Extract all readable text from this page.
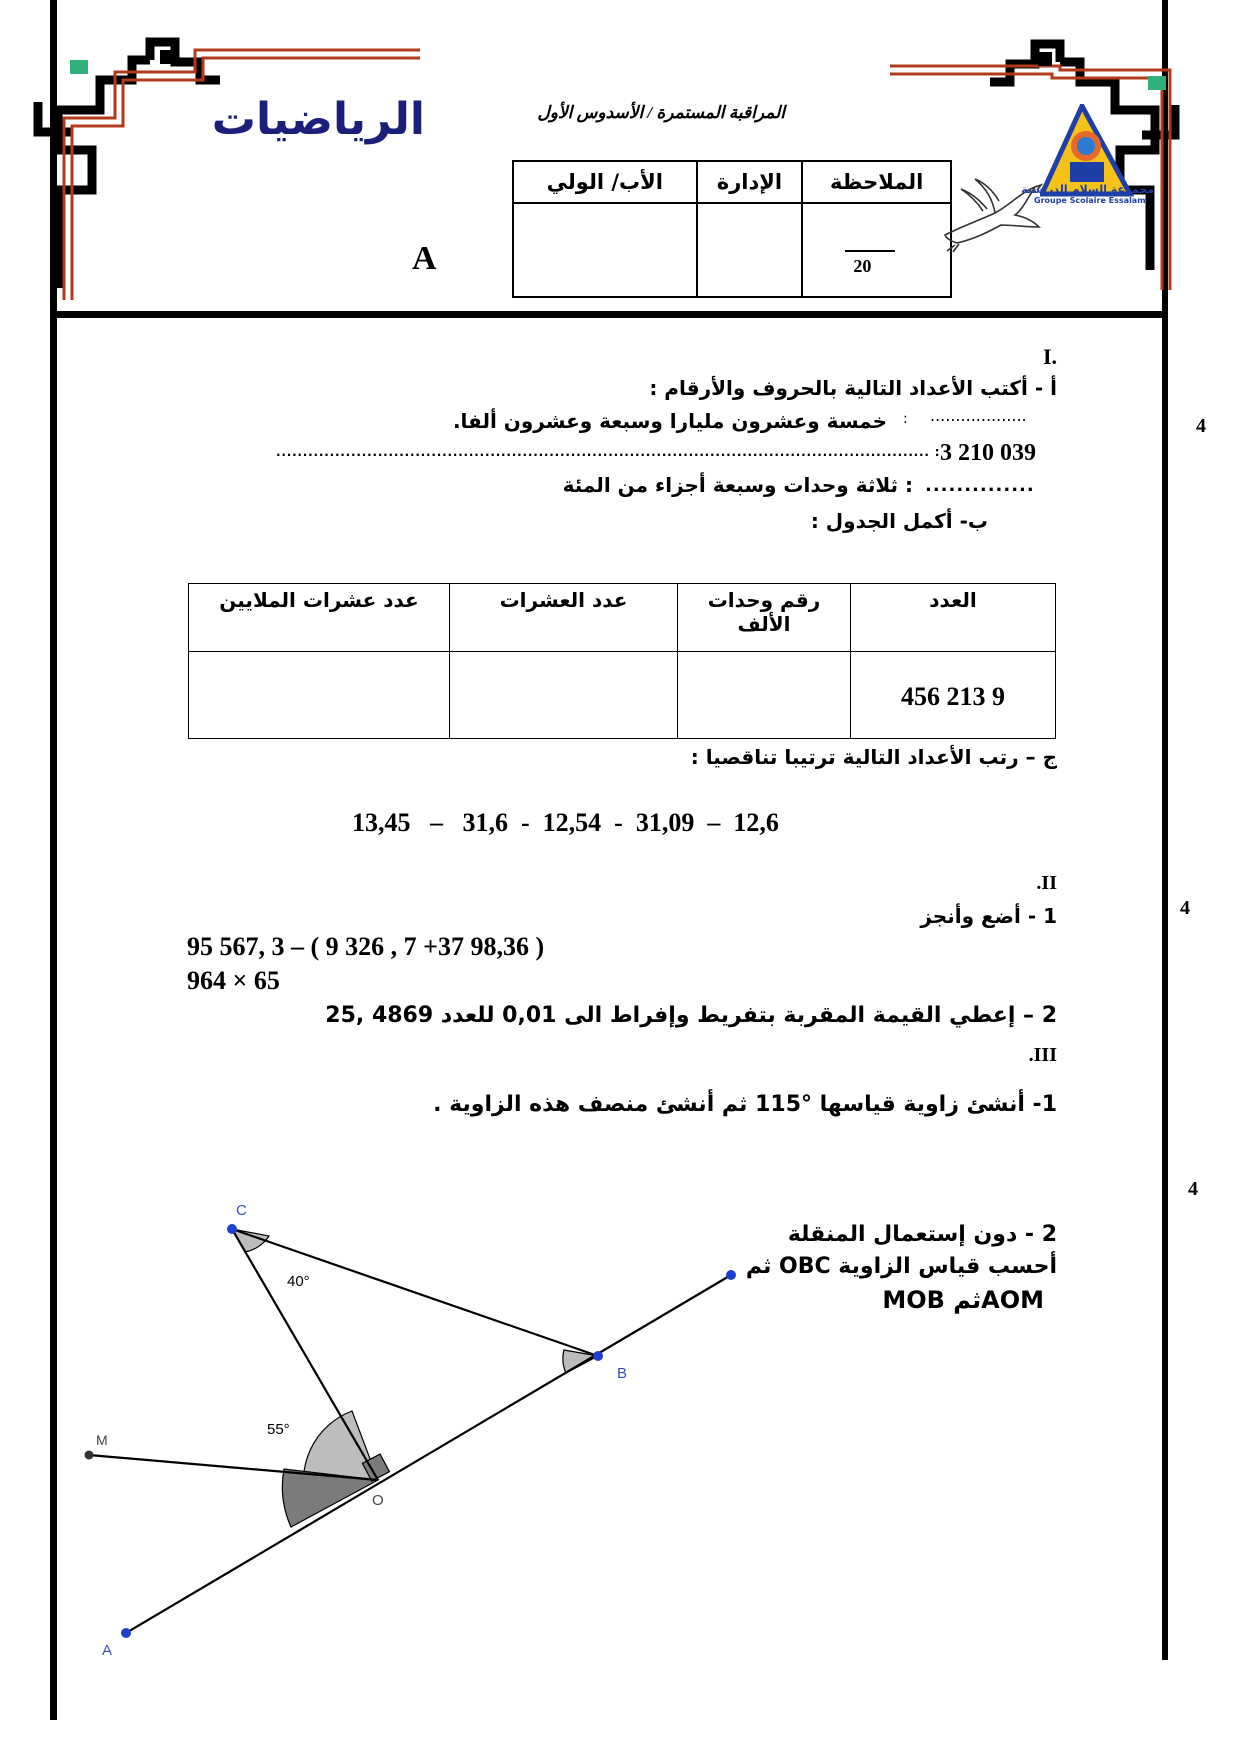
الرياضيات	المراقبة المستمرة / الأسدوس الأول
A
الملاحظة	الإدارة	الأب/ الولي

20		

مجموعة السلام الدراسية
Groupe Scolaire Essalam
I.
أ - أكتب الأعداد التالية بالحروف والأرقام :
خمسة وعشرون مليارا وسبعة وعشرون ألفا. : ...................
3 210 039
.......................................................................................................................... :
: ثلاثة وحدات وسبعة أجزاء من المئة ..............
ب- أكمل الجدول :
العدد	رقم وحدات الألف	عدد العشرات	عدد عشرات الملايين
9 213 456			
ج – رتب الأعداد التالية ترتيبا تناقصيا :
13,45   –   31,6  -  12,54  -  31,09  –  12,6
4
.II
1 - أضع وأنجز
95 567, 3 – ( 9 326 , 7 +37 98,36 )
964 × 65
2 – إعطي القيمة المقربة بتفريط وإفراط الى 0,01 للعدد 4869 ,25
4
.III
1- أنشئ زاوية قياسها °115 ثم أنشئ منصف هذه الزاوية .
4
2 - دون إستعمال المنقلة
أحسب قياس الزاوية OBC ثم
AOMثم MOB
C
B
A
M
O
40°
55°
